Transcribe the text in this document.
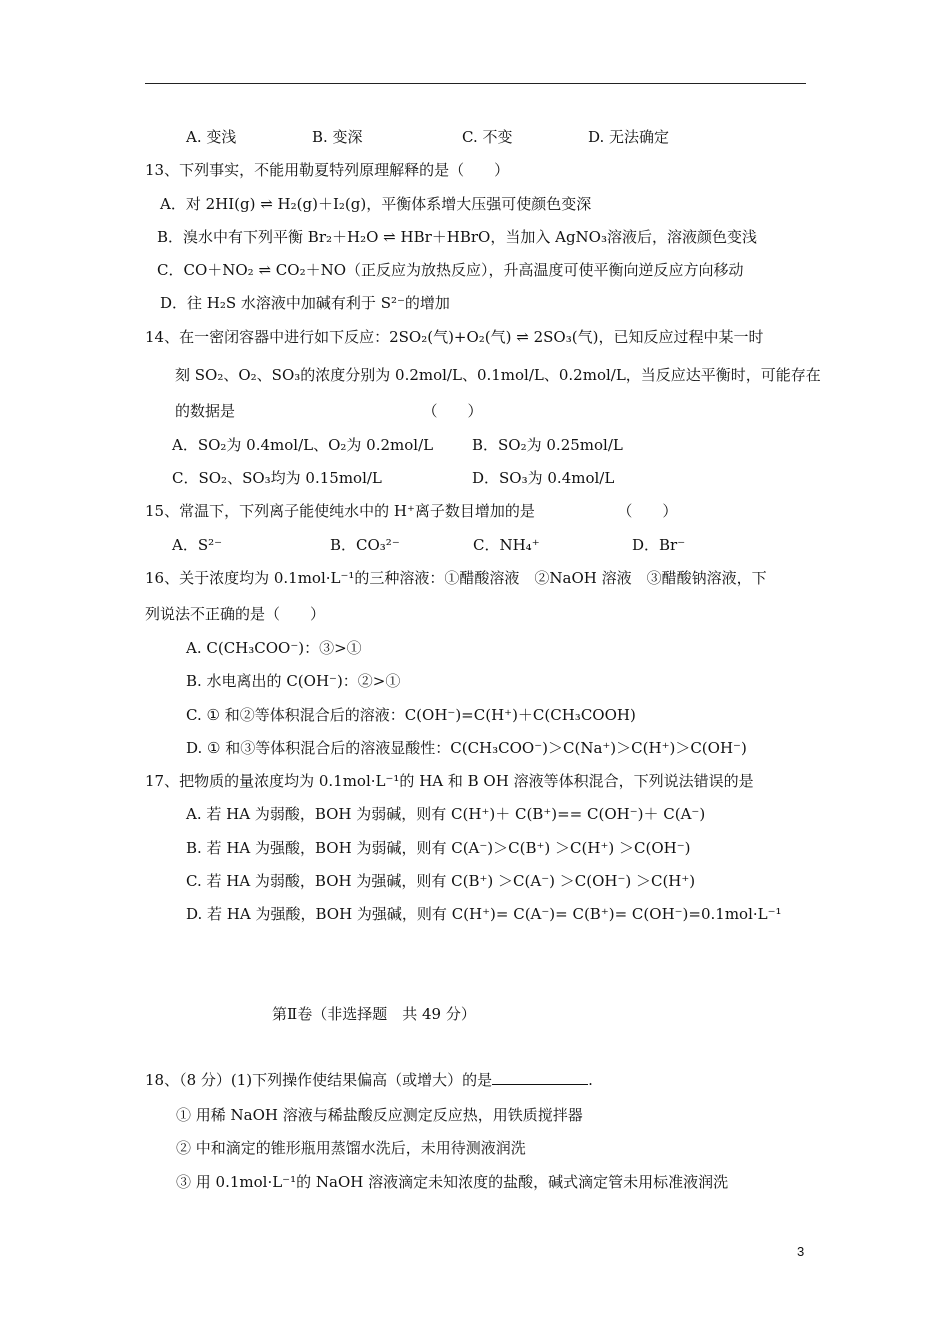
A. 变浅	B. 变深	C. 不变	D. 无法确定
13、下列事实，不能用勒夏特列原理解释的是（　　）
A．对 2HI(g) ⇌ H₂(g)＋I₂(g)，平衡体系增大压强可使颜色变深
B．溴水中有下列平衡 Br₂＋H₂O ⇌ HBr＋HBrO，当加入 AgNO₃溶液后，溶液颜色变浅
C．CO＋NO₂ ⇌ CO₂＋NO（正反应为放热反应），升高温度可使平衡向逆反应方向移动
D．往 H₂S 水溶液中加碱有利于 S²⁻的增加
14、在一密闭容器中进行如下反应：2SO₂(气)+O₂(气) ⇌ 2SO₃(气)，已知反应过程中某一时
刻 SO₂、O₂、SO₃的浓度分别为 0.2mol/L、0.1mol/L、0.2mol/L，当反应达平衡时，可能存在
的数据是　　　　　　　　　　　　　（　　）
A．SO₂为 0.4mol/L、O₂为 0.2mol/L	B．SO₂为 0.25mol/L
C．SO₂、SO₃均为 0.15mol/L	D．SO₃为 0.4mol/L
15、常温下，下列离子能使纯水中的 H⁺离子数目增加的是　　　　　　（　　）
A．S²⁻	B．CO₃²⁻	C．NH₄⁺	D．Br⁻
16、关于浓度均为 0.1mol·L⁻¹的三种溶液：①醋酸溶液　②NaOH 溶液　③醋酸钠溶液，下
列说法不正确的是（　　）
A. C(CH₃COO⁻)：③>①
B. 水电离出的 C(OH⁻)：②>①
C. ① 和②等体积混合后的溶液：C(OH⁻)=C(H⁺)＋C(CH₃COOH)
D. ① 和③等体积混合后的溶液显酸性：C(CH₃COO⁻)＞C(Na⁺)＞C(H⁺)＞C(OH⁻)
17、把物质的量浓度均为 0.1mol·L⁻¹的 HA 和 B OH 溶液等体积混合，下列说法错误的是
A. 若 HA 为弱酸，BOH 为弱碱，则有 C(H⁺)＋ C(B⁺)== C(OH⁻)＋ C(A⁻)
B. 若 HA 为强酸，BOH 为弱碱，则有 C(A⁻)＞C(B⁺) ＞C(H⁺) ＞C(OH⁻)
C. 若 HA 为弱酸，BOH 为强碱，则有 C(B⁺) ＞C(A⁻) ＞C(OH⁻) ＞C(H⁺)
D. 若 HA 为强酸，BOH 为强碱，则有 C(H⁺)= C(A⁻)= C(B⁺)= C(OH⁻)=0.1mol·L⁻¹
第Ⅱ卷（非选择题　共 49 分）
18、（8 分）(1)下列操作使结果偏高（或增大）的是	.
① 用稀 NaOH 溶液与稀盐酸反应测定反应热，用铁质搅拌器
② 中和滴定的锥形瓶用蒸馏水洗后，未用待测液润洗
③ 用 0.1mol·L⁻¹的 NaOH 溶液滴定未知浓度的盐酸，碱式滴定管未用标准液润洗
3
